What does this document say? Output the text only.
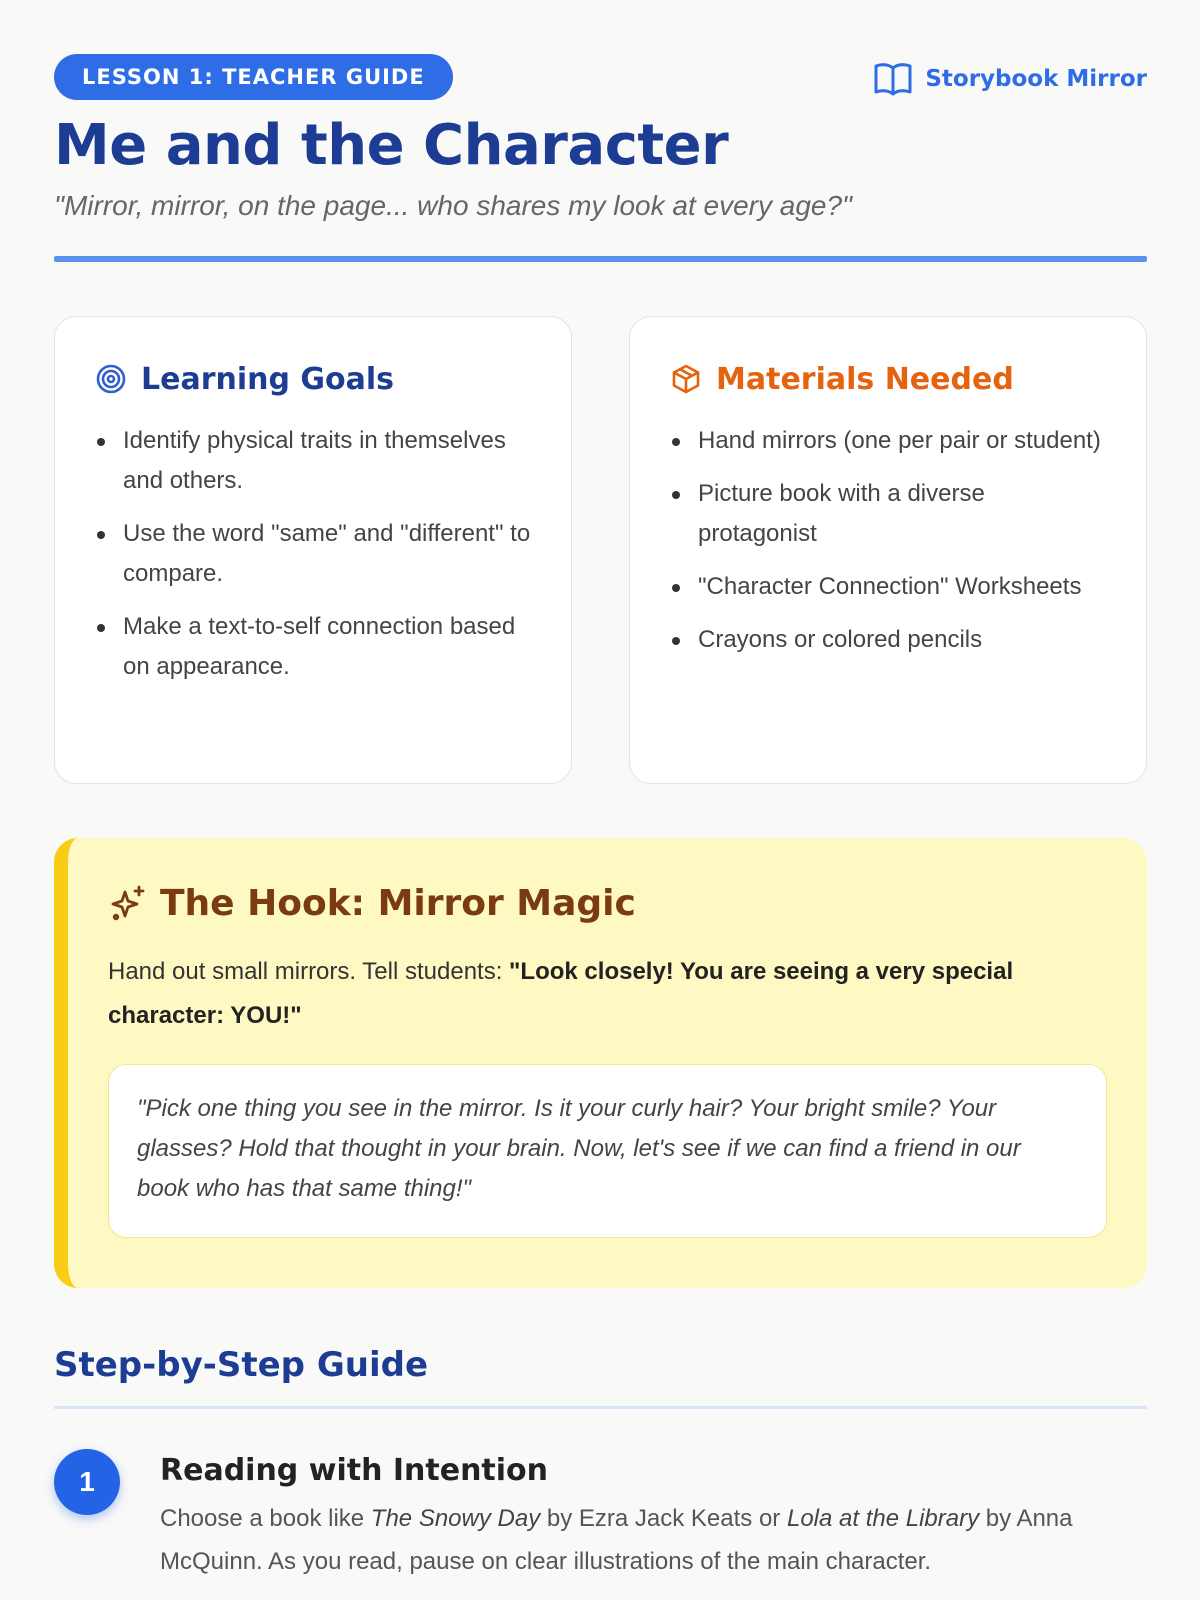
LESSON 1: TEACHER GUIDE	Storybook Mirror
Me and the Character

"Mirror, mirror, on the page... who shares my look at every age?"

Learning Goals
Identify physical traits in themselves and others.
Use the word "same" and "different" to compare.
Make a text-to-self connection based on appearance.
Materials Needed
Hand mirrors (one per pair or student)
Picture book with a diverse protagonist
"Character Connection" Worksheets
Crayons or colored pencils
The Hook: Mirror Magic

Hand out small mirrors. Tell students: "Look closely! You are seeing a very special character: YOU!"

"Pick one thing you see in the mirror. Is it your curly hair? Your bright smile? Your glasses? Hold that thought in your brain. Now, let's see if we can find a friend in our book who has that same thing!"
Step-by-Step Guide
1	Reading with Intention

Choose a book like The Snowy Day by Ezra Jack Keats or Lola at the Library by Anna McQuinn. As you read, pause on clear illustrations of the main character.
